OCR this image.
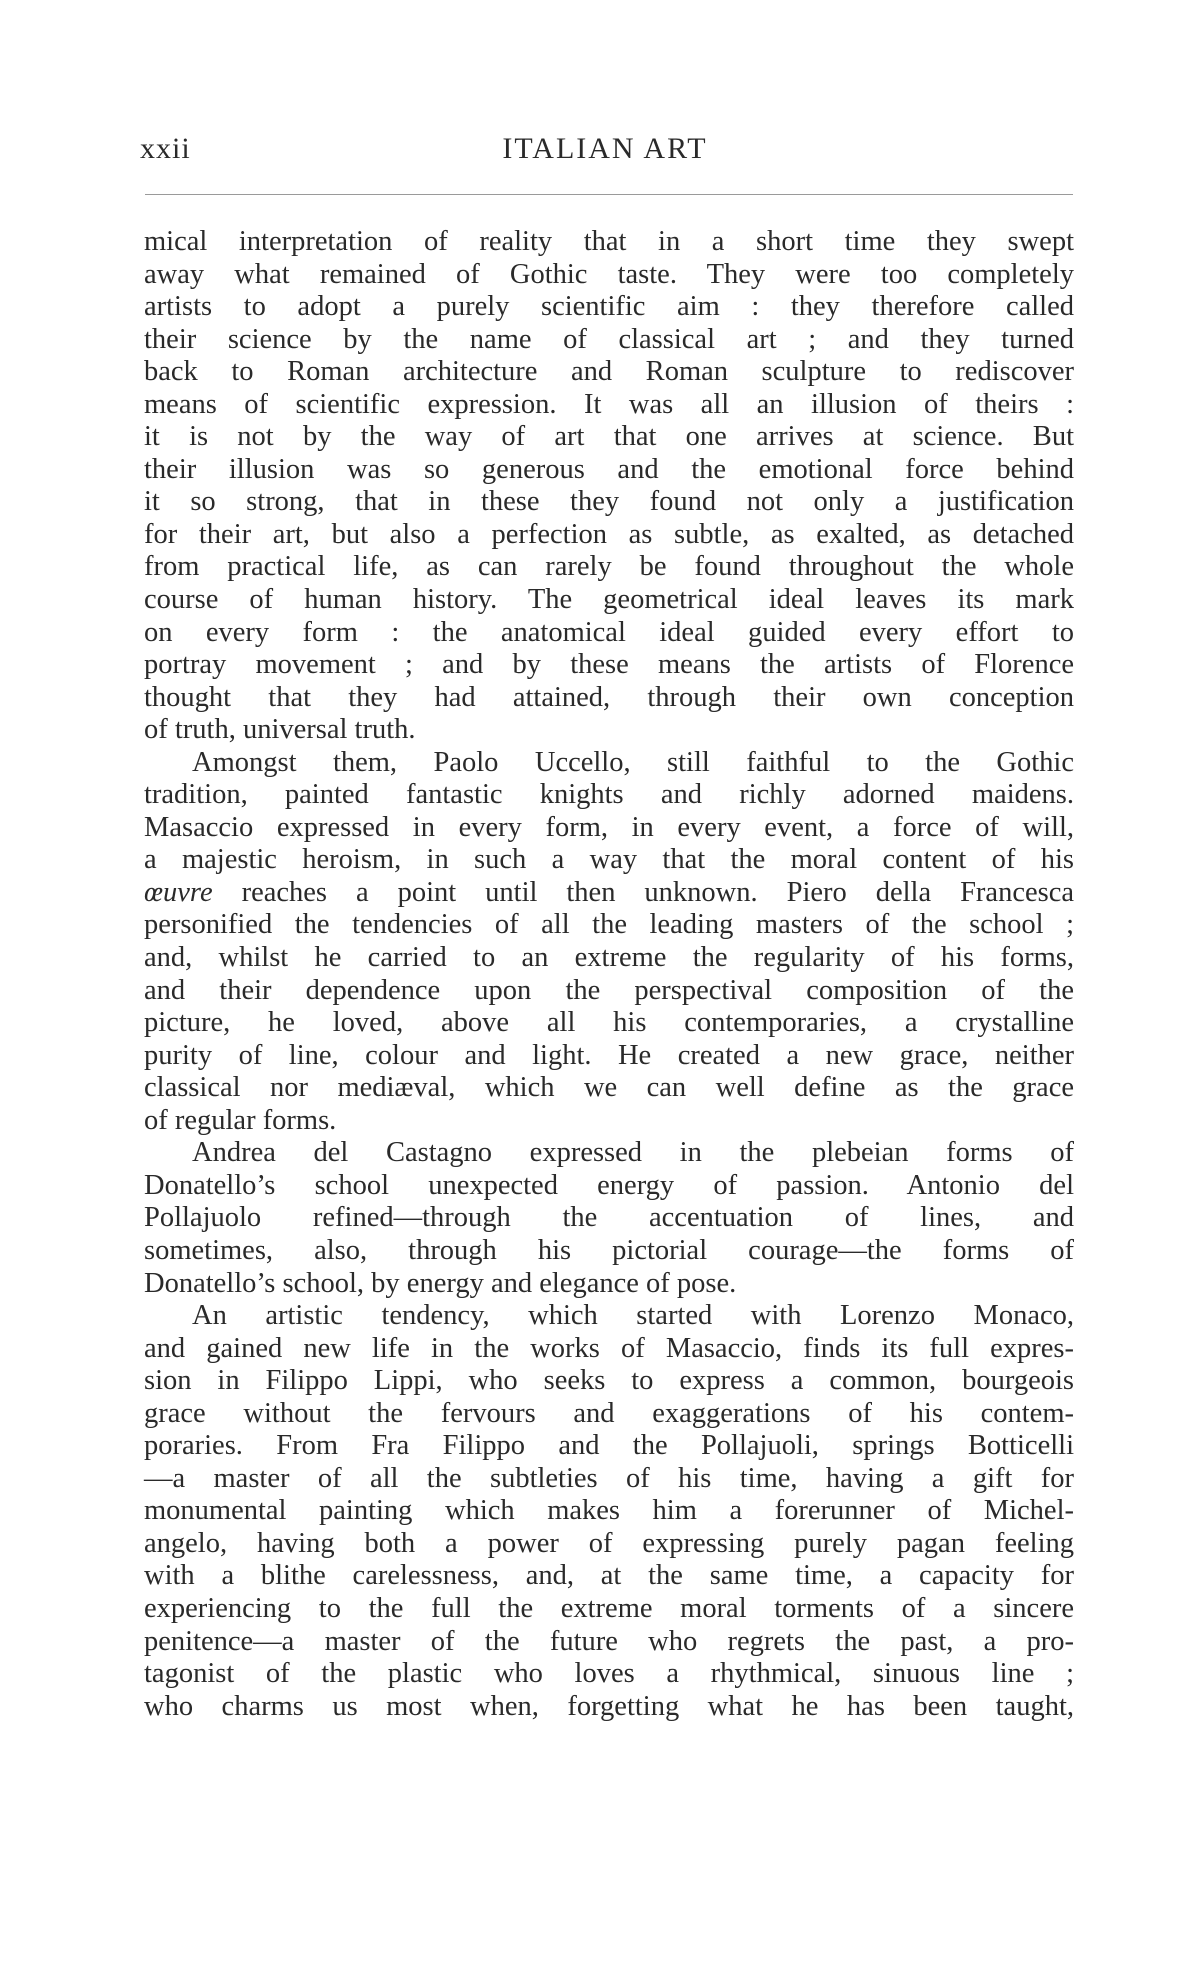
xxii	ITALIAN ART
mical interpretation of reality that in a short time they swept
away what remained of Gothic taste. They were too completely
artists to adopt a purely scientific aim : they therefore called
their science by the name of classical art ; and they turned
back to Roman architecture and Roman sculpture to rediscover
means of scientific expression. It was all an illusion of theirs :
it is not by the way of art that one arrives at science. But
their illusion was so generous and the emotional force behind
it so strong, that in these they found not only a justification
for their art, but also a perfection as subtle, as exalted, as detached
from practical life, as can rarely be found throughout the whole
course of human history. The geometrical ideal leaves its mark
on every form : the anatomical ideal guided every effort to
portray movement ; and by these means the artists of Florence
thought that they had attained, through their own conception
of truth, universal truth.
Amongst them, Paolo Uccello, still faithful to the Gothic
tradition, painted fantastic knights and richly adorned maidens.
Masaccio expressed in every form, in every event, a force of will,
a majestic heroism, in such a way that the moral content of his
œuvre reaches a point until then unknown. Piero della Francesca
personified the tendencies of all the leading masters of the school ;
and, whilst he carried to an extreme the regularity of his forms,
and their dependence upon the perspectival composition of the
picture, he loved, above all his contemporaries, a crystalline
purity of line, colour and light. He created a new grace, neither
classical nor mediæval, which we can well define as the grace
of regular forms.
Andrea del Castagno expressed in the plebeian forms of
Donatello’s school unexpected energy of passion. Antonio del
Pollajuolo refined—through the accentuation of lines, and
sometimes, also, through his pictorial courage—the forms of
Donatello’s school, by energy and elegance of pose.
An artistic tendency, which started with Lorenzo Monaco,
and gained new life in the works of Masaccio, finds its full expres-
sion in Filippo Lippi, who seeks to express a common, bourgeois
grace without the fervours and exaggerations of his contem-
poraries. From Fra Filippo and the Pollajuoli, springs Botticelli
—a master of all the subtleties of his time, having a gift for
monumental painting which makes him a forerunner of Michel-
angelo, having both a power of expressing purely pagan feeling
with a blithe carelessness, and, at the same time, a capacity for
experiencing to the full the extreme moral torments of a sincere
penitence—a master of the future who regrets the past, a pro-
tagonist of the plastic who loves a rhythmical, sinuous line ;
who charms us most when, forgetting what he has been taught,
